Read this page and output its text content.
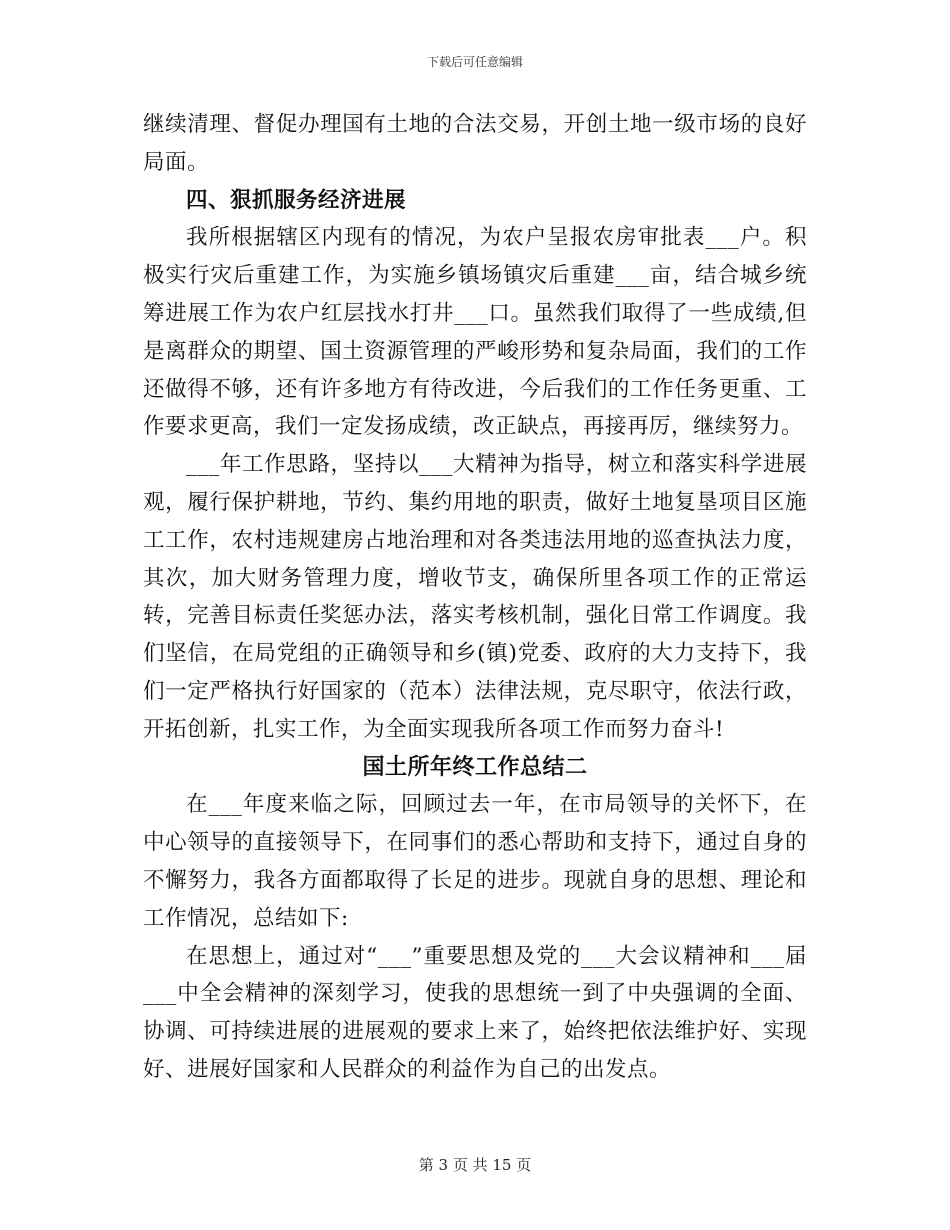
下载后可任意编辑

继续清理、督促办理国有土地的合法交易，开创土地一级市场的良好局面。

四、狠抓服务经济进展

我所根据辖区内现有的情况，为农户呈报农房审批表___户。积极实行灾后重建工作，为实施乡镇场镇灾后重建___亩，结合城乡统筹进展工作为农户红层找水打井___口。虽然我们取得了一些成绩,但是离群众的期望、国土资源管理的严峻形势和复杂局面，我们的工作还做得不够，还有许多地方有待改进，今后我们的工作任务更重、工作要求更高，我们一定发扬成绩，改正缺点，再接再厉，继续努力。

___年工作思路，坚持以___大精神为指导，树立和落实科学进展观，履行保护耕地，节约、集约用地的职责，做好土地复垦项目区施工工作，农村违规建房占地治理和对各类违法用地的巡查执法力度，其次，加大财务管理力度，增收节支，确保所里各项工作的正常运转，完善目标责任奖惩办法，落实考核机制，强化日常工作调度。我们坚信，在局党组的正确领导和乡(镇)党委、政府的大力支持下，我们一定严格执行好国家的（范本）法律法规，克尽职守，依法行政，开拓创新，扎实工作，为全面实现我所各项工作而努力奋斗!

国土所年终工作总结二

在___年度来临之际，回顾过去一年，在市局领导的关怀下，在中心领导的直接领导下，在同事们的悉心帮助和支持下，通过自身的不懈努力，我各方面都取得了长足的进步。现就自身的思想、理论和工作情况，总结如下:

在思想上，通过对“___”重要思想及党的___大会议精神和___届___中全会精神的深刻学习，使我的思想统一到了中央强调的全面、协调、可持续进展的进展观的要求上来了，始终把依法维护好、实现好、进展好国家和人民群众的利益作为自己的出发点。

第 3 页 共 15 页
